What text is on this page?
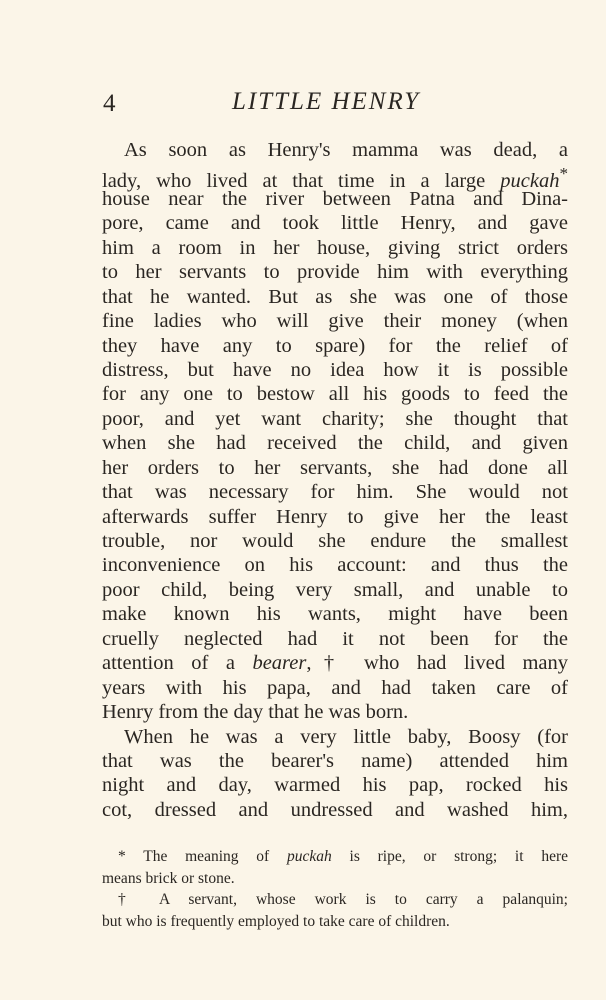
4	LITTLE HENRY
As soon as Henry's mamma was dead, a
lady, who lived at that time in a large puckah*
house near the river between Patna and Dina-
pore, came and took little Henry, and gave
him a room in her house, giving strict orders
to her servants to provide him with everything
that he wanted. But as she was one of those
fine ladies who will give their money (when
they have any to spare) for the relief of
distress, but have no idea how it is possible
for any one to bestow all his goods to feed the
poor, and yet want charity; she thought that
when she had received the child, and given
her orders to her servants, she had done all
that was necessary for him. She would not
afterwards suffer Henry to give her the least
trouble, nor would she endure the smallest
inconvenience on his account: and thus the
poor child, being very small, and unable to
make known his wants, might have been
cruelly neglected had it not been for the
attention of a bearer,† who had lived many
years with his papa, and had taken care of
Henry from the day that he was born.
When he was a very little baby, Boosy (for
that was the bearer's name) attended him
night and day, warmed his pap, rocked his
cot, dressed and undressed and washed him,
* The meaning of puckah is ripe, or strong; it here
means brick or stone.
† A servant, whose work is to carry a palanquin;
but who is frequently employed to take care of children.
